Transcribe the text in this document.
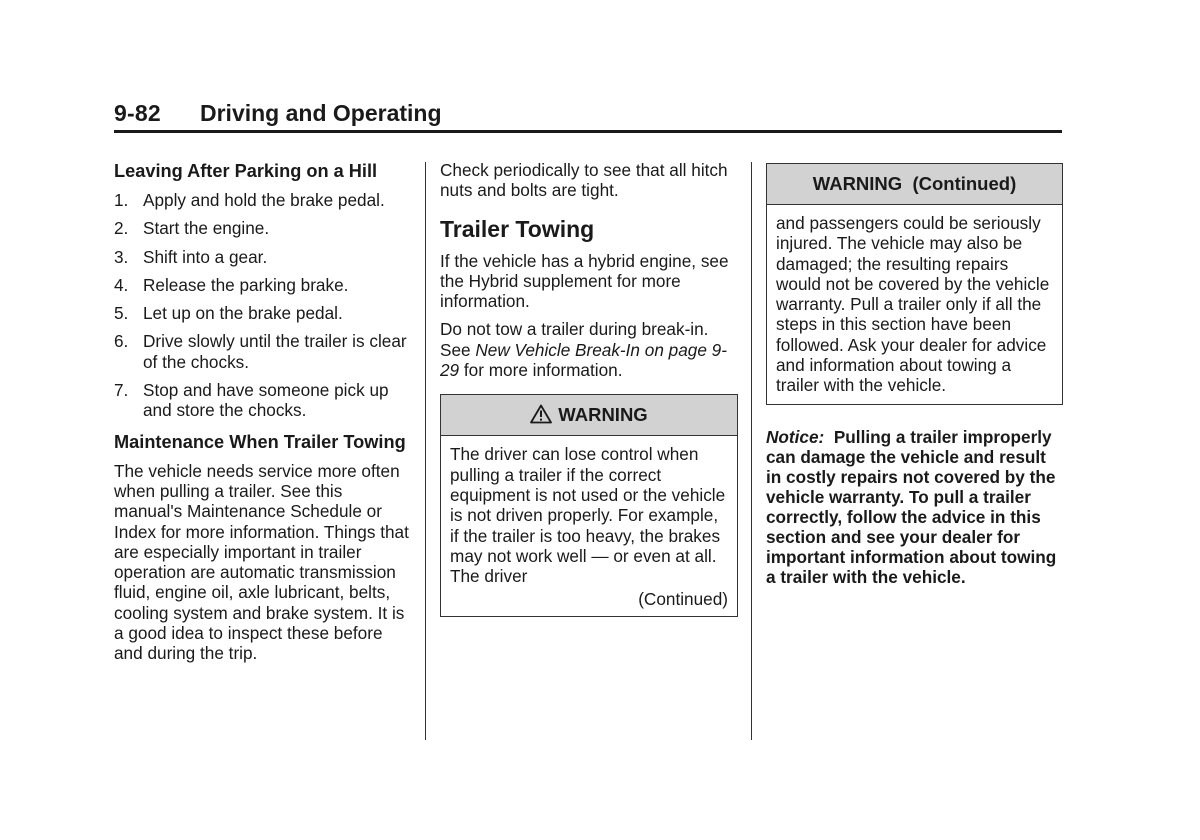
9-82 Driving and Operating
Leaving After Parking on a Hill
1. Apply and hold the brake pedal.
2. Start the engine.
3. Shift into a gear.
4. Release the parking brake.
5. Let up on the brake pedal.
6. Drive slowly until the trailer is clear of the chocks.
7. Stop and have someone pick up and store the chocks.
Maintenance When Trailer Towing

The vehicle needs service more often when pulling a trailer. See this manual's Maintenance Schedule or Index for more information. Things that are especially important in trailer operation are automatic transmission fluid, engine oil, axle lubricant, belts, cooling system and brake system. It is a good idea to inspect these before and during the trip.

Check periodically to see that all hitch nuts and bolts are tight.

Trailer Towing

If the vehicle has a hybrid engine, see the Hybrid supplement for more information.

Do not tow a trailer during break-in. See New Vehicle Break-In on page 9-29 for more information.

WARNING
The driver can lose control when pulling a trailer if the correct equipment is not used or the vehicle is not driven properly. For example, if the trailer is too heavy, the brakes may not work well — or even at all. The driver
(Continued)
WARNING  (Continued)
and passengers could be seriously injured. The vehicle may also be damaged; the resulting repairs would not be covered by the vehicle warranty. Pull a trailer only if all the steps in this section have been followed. Ask your dealer for advice and information about towing a trailer with the vehicle.
Notice: Pulling a trailer improperly can damage the vehicle and result in costly repairs not covered by the vehicle warranty. To pull a trailer correctly, follow the advice in this section and see your dealer for important information about towing a trailer with the vehicle.
